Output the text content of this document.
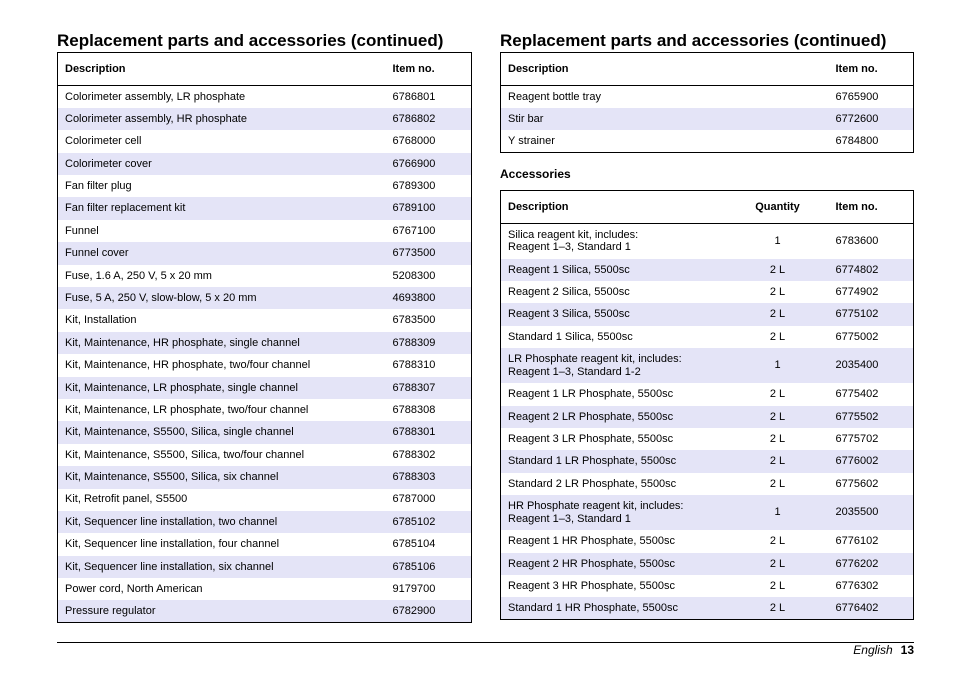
Replacement parts and accessories (continued)
Description	Item no.
Colorimeter assembly, LR phosphate	6786801
Colorimeter assembly, HR phosphate	6786802
Colorimeter cell	6768000
Colorimeter cover	6766900
Fan filter plug	6789300
Fan filter replacement kit	6789100
Funnel	6767100
Funnel cover	6773500
Fuse, 1.6 A, 250 V, 5 x 20 mm	5208300
Fuse, 5 A, 250 V, slow-blow, 5 x 20 mm	4693800
Kit, Installation	6783500
Kit, Maintenance, HR phosphate, single channel	6788309
Kit, Maintenance, HR phosphate, two/four channel	6788310
Kit, Maintenance, LR phosphate, single channel	6788307
Kit, Maintenance, LR phosphate, two/four channel	6788308
Kit, Maintenance, S5500, Silica, single channel	6788301
Kit, Maintenance, S5500, Silica, two/four channel	6788302
Kit, Maintenance, S5500, Silica, six channel	6788303
Kit, Retrofit panel, S5500	6787000
Kit, Sequencer line installation, two channel	6785102
Kit, Sequencer line installation, four channel	6785104
Kit, Sequencer line installation, six channel	6785106
Power cord, North American	9179700
Pressure regulator	6782900
Replacement parts and accessories (continued)
Description	Item no.
Reagent bottle tray	6765900
Stir bar	6772600
Y strainer	6784800
Accessories
Description	Quantity	Item no.
Silica reagent kit, includes:
Reagent 1–3, Standard 1	1	6783600
Reagent 1 Silica, 5500sc	2 L	6774802
Reagent 2 Silica, 5500sc	2 L	6774902
Reagent 3 Silica, 5500sc	2 L	6775102
Standard 1 Silica, 5500sc	2 L	6775002
LR Phosphate reagent kit, includes:
Reagent 1–3, Standard 1-2	1	2035400
Reagent 1 LR Phosphate, 5500sc	2 L	6775402
Reagent 2 LR Phosphate, 5500sc	2 L	6775502
Reagent 3 LR Phosphate, 5500sc	2 L	6775702
Standard 1 LR Phosphate, 5500sc	2 L	6776002
Standard 2 LR Phosphate, 5500sc	2 L	6775602
HR Phosphate reagent kit, includes:
Reagent 1–3, Standard 1	1	2035500
Reagent 1 HR Phosphate, 5500sc	2 L	6776102
Reagent 2 HR Phosphate, 5500sc	2 L	6776202
Reagent 3 HR Phosphate, 5500sc	2 L	6776302
Standard 1 HR Phosphate, 5500sc	2 L	6776402
English 13
